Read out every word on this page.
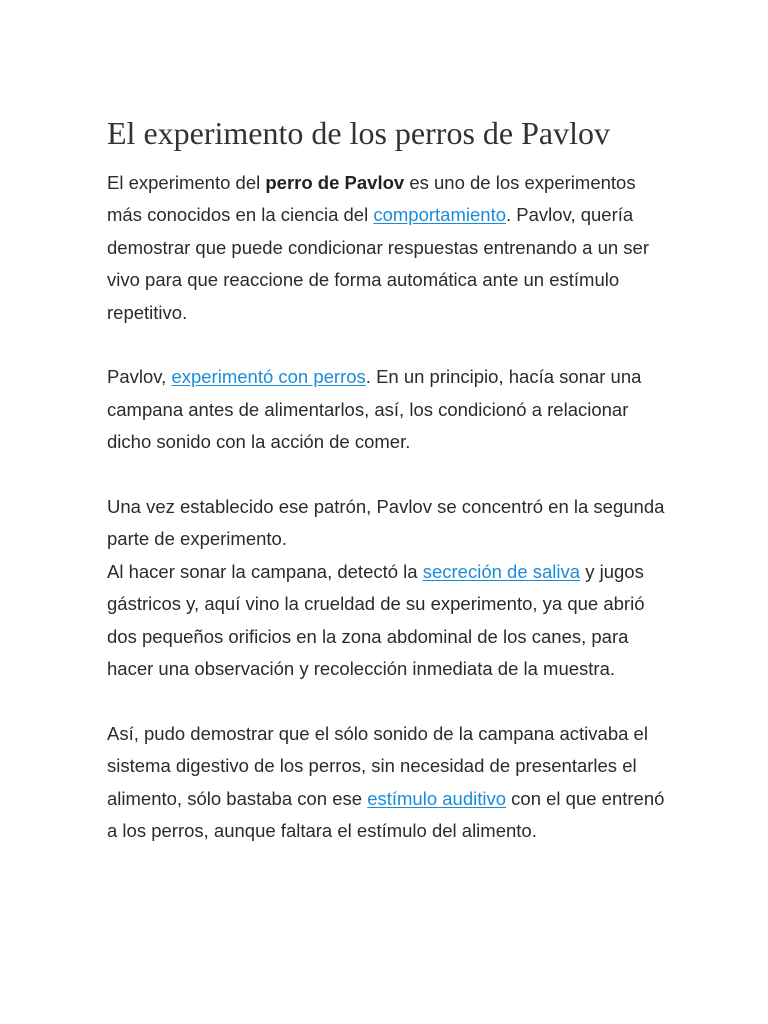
El experimento de los perros de Pavlov

El experimento del perro de Pavlov es uno de los experimentos más conocidos en la ciencia del comportamiento. Pavlov, quería demostrar que puede condicionar respuestas entrenando a un ser vivo para que reaccione de forma automática ante un estímulo repetitivo.

Pavlov, experimentó con perros. En un principio, hacía sonar una campana antes de alimentarlos, así, los condicionó a relacionar dicho sonido con la acción de comer.

Una vez establecido ese patrón, Pavlov se concentró en la segunda parte de experimento.

Al hacer sonar la campana, detectó la secreción de saliva y jugos gástricos y, aquí vino la crueldad de su experimento, ya que abrió dos pequeños orificios en la zona abdominal de los canes, para hacer una observación y recolección inmediata de la muestra.

Así, pudo demostrar que el sólo sonido de la campana activaba el sistema digestivo de los perros, sin necesidad de presentarles el alimento, sólo bastaba con ese estímulo auditivo con el que entrenó a los perros, aunque faltara el estímulo del alimento.
